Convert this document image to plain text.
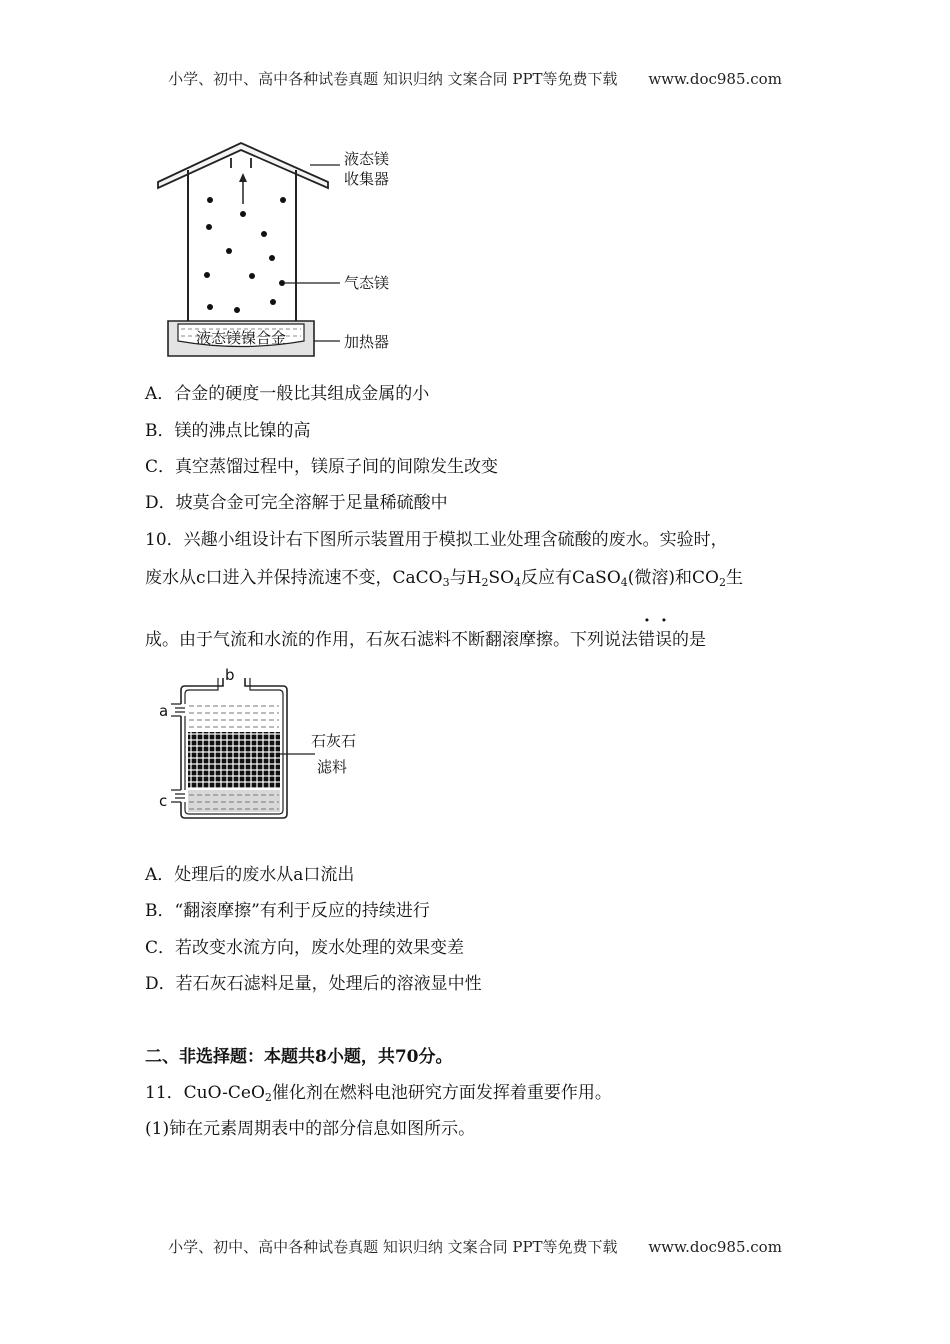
小学、初中、高中各种试卷真题 知识归纳 文案合同 PPT等免费下载 www.doc985.com
液态镁镍合金
液态镁
收集器
气态镁
加热器
A．合金的硬度一般比其组成金属的小
B．镁的沸点比镍的高
C．真空蒸馏过程中，镁原子间的间隙发生改变
D．坡莫合金可完全溶解于足量稀硫酸中
10．兴趣小组设计右下图所示装置用于模拟工业处理含硫酸的废水。实验时，
废水从c口进入并保持流速不变，CaCO$_3$与$H_2SO_4$反应有CaSO$_4$(微溶)和$CO_2$生
成。由于气流和水流的作用，石灰石滤料不断翻滚摩擦。下列说法错误的是
b
a
c
石灰石
滤料
A．处理后的废水从a口流出
B．“翻滚摩擦”有利于反应的持续进行
C．若改变水流方向，废水处理的效果变差
D．若石灰石滤料足量，处理后的溶液显中性
二、非选择题：本题共8小题，共70分。
11．CuO-CeO$_2$催化剂在燃料电池研究方面发挥着重要作用。
(1)铈在元素周期表中的部分信息如图所示。
小学、初中、高中各种试卷真题 知识归纳 文案合同 PPT等免费下载 www.doc985.com
